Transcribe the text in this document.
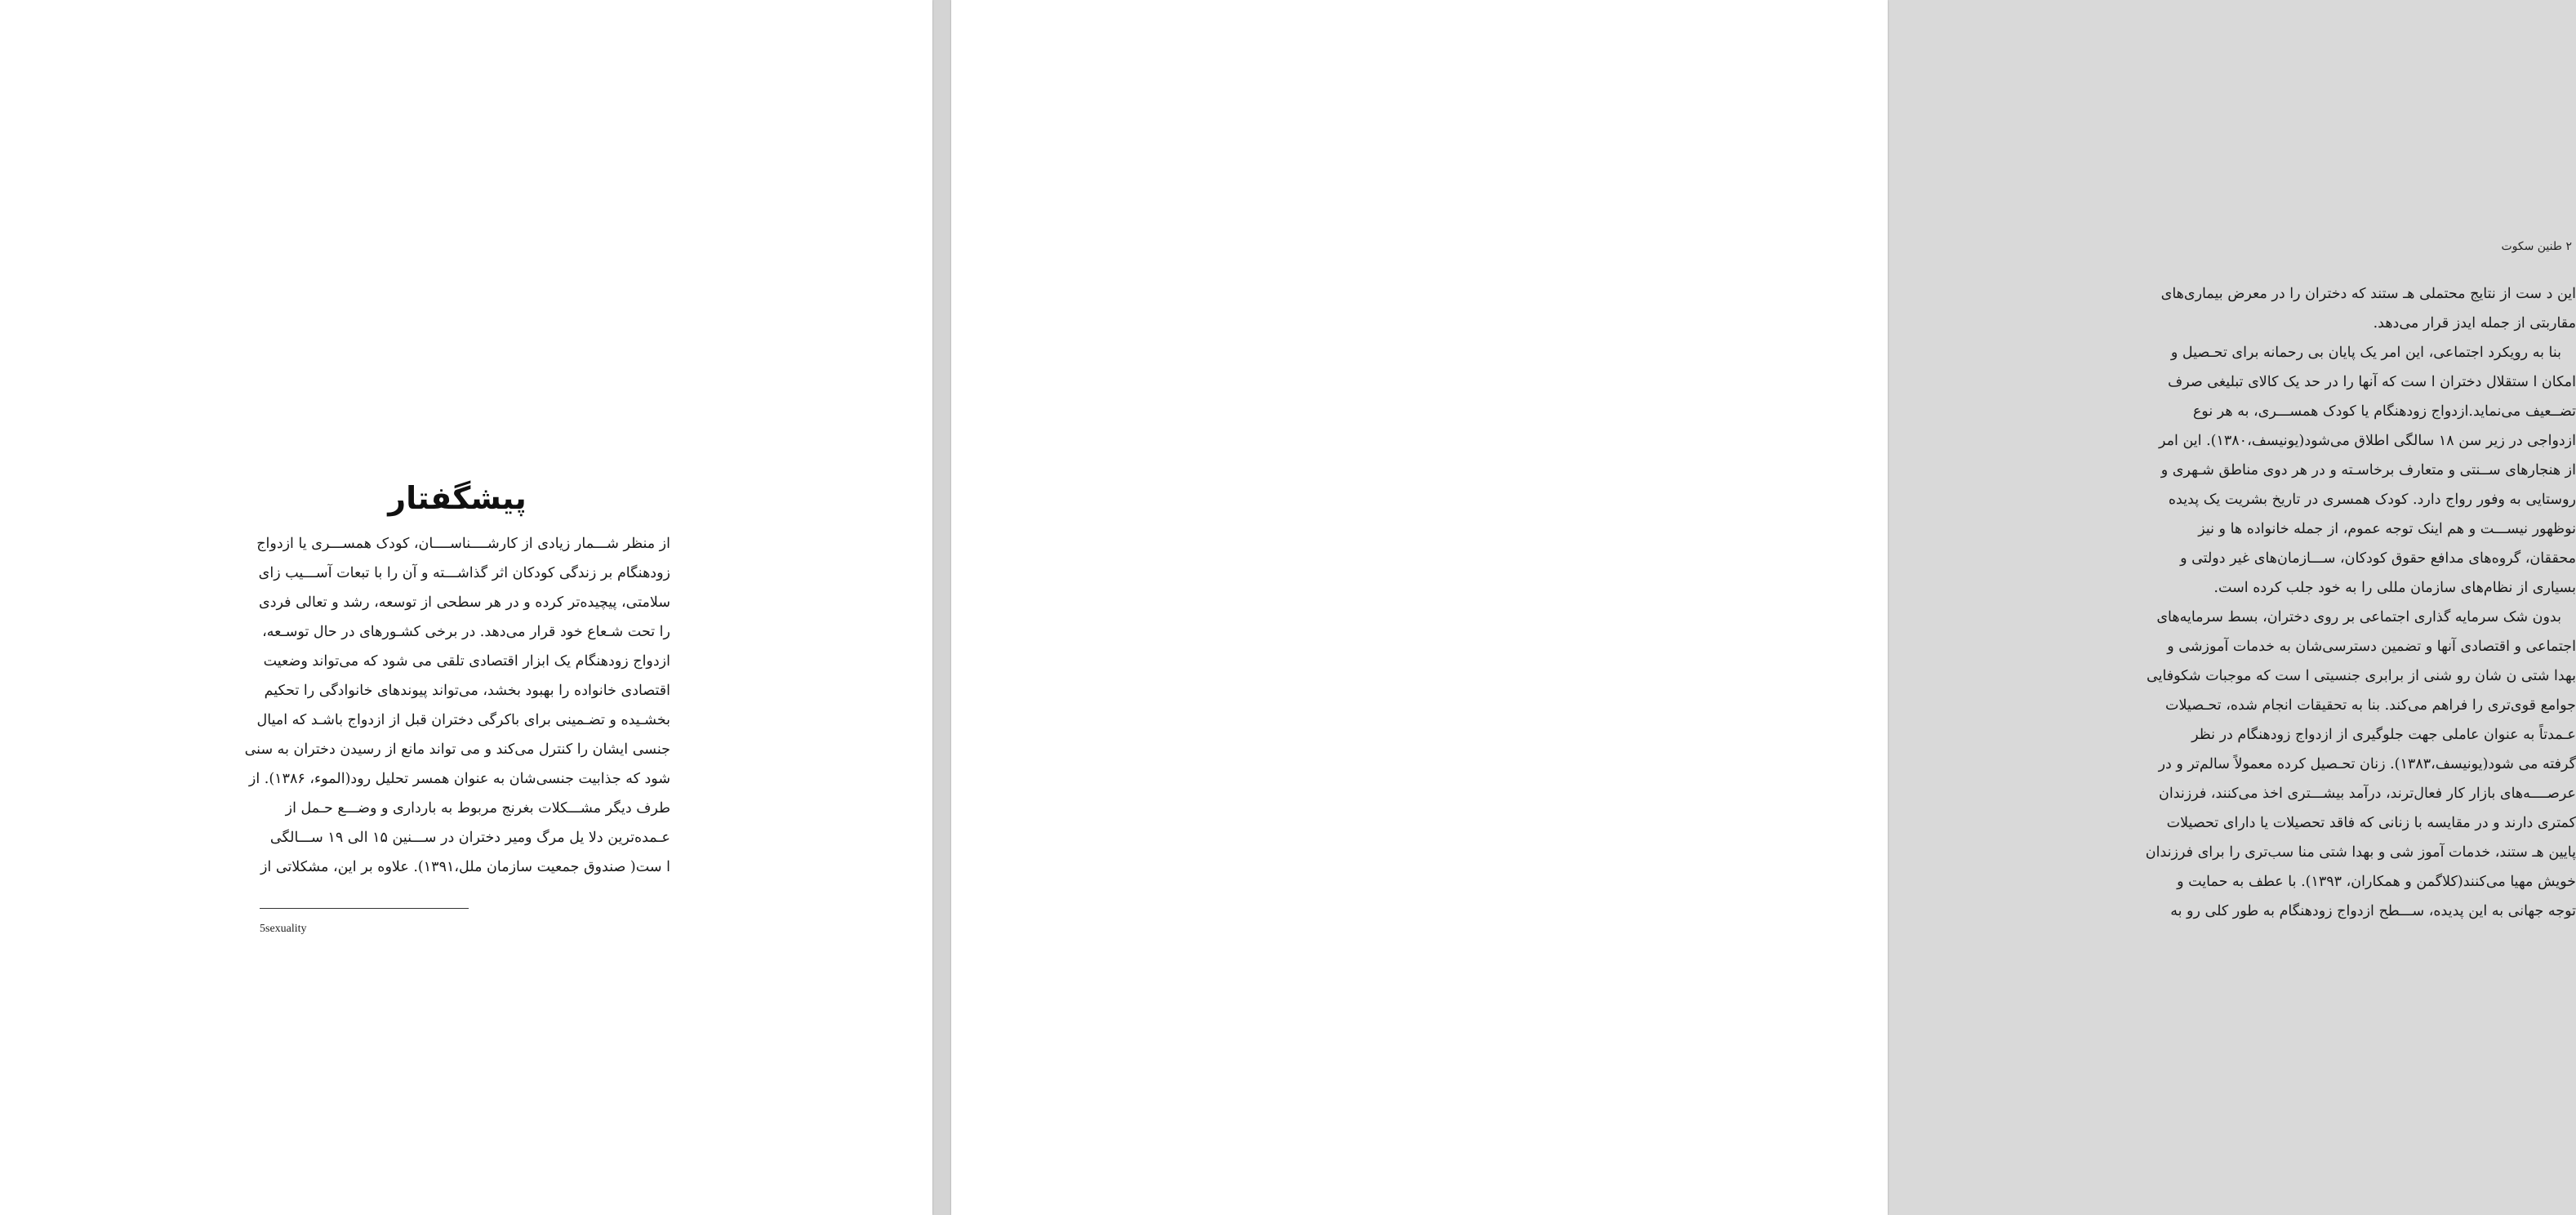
پیشگفتار
از منظر شـــمار زیادی از کارشــــناســــان، کودک همســـری یا ازدواج
زودهنگام بر زندگی کودکان اثر گذاشـــته و آن را با تبعات آســـیب زای
سلامتی، پیچیده‌تر کرده و در هر سطحی از توسعه، رشد و تعالی فردی
را تحت شـعاع خود قرار می‌دهد. در برخی کشـورهای در حال توسـعه،
ازدواج زودهنگام یک ابزار اقتصادی تلقی می شود که می‌تواند وضعیت
اقتصادی خانواده را بهبود بخشد، می‌تواند پیوندهای خانوادگی را تحکیم
بخشـیده و تضـمینی برای باکرگی دختران قبل از ازدواج باشـد که امیال
جنسی ایشان را کنترل می‌کند و می تواند مانع از رسیدن دختران به سنی
شود که جذابیت جنسی‌شان به عنوان همسر تحلیل رود(الموء، ۱۳۸۶). از
طرف دیگر مشـــکلات بغرنج مربوط به بارداری و وضـــع حـمل از
عـمده‌ترین دلا یل مرگ ومیر دختران در ســـنین ۱۵ الی ۱۹ ســـالگی
ا ست( صندوق جمعیت سازمان ملل،۱۳۹۱). علاوه بر این، مشکلاتی از
5sexuality
۲ طنین سکوت
این د ست از نتایج محتملی هـ ستند که دختران را در معرض بیماری‌های
مقاربتی از جمله ایدز قرار می‌دهد.
بنا به رویکرد اجتماعی، این امر یک پایان بی رحمانه برای تحـصیل و
امکان ا ستقلال دختران ا ست که آنها را در حد یک کالای تبلیغی صرف
تضــعیف می‌نماید.ازدواج زودهنگام یا کودک همســـری، به هر نوع
ازدواجی در زیر سن ۱۸ سالگی اطلاق می‌شود(یونیسف،۱۳۸۰). این امر
از هنجارهای ســنتی و متعارف برخاسـته و در هر دوی مناطق شـهری و
روستایی به وفور رواج دارد. کودک همسری در تاریخ بشریت یک پدیده
نوظهور نیســـت و هم اینک توجه عموم، از جمله خانواده ها و نیز
محققان، گروه‌های مدافع حقوق کودکان، ســـازمان‌های غیر دولتی و
بسیاری از نظام‌های سازمان مللی را به خود جلب کرده است.
بدون شک سرمایه گذاری اجتماعی بر روی دختران، بسط سرمایه‌های
اجتماعی و اقتصادی آنها و تضمین دسترسی‌شان به خدمات آموزشی و
بهدا شتی ن شان رو شنی از برابری جنسیتی ا ست که موجبات شکوفایی
جوامع قوی‌تری را فراهم می‌کند. بنا به تحقیقات انجام شده، تحـصیلات
عـمدتاً به عنوان عاملی جهت جلوگیری از ازدواج زودهنگام در نظر
گرفته می شود(یونیسف،۱۳۸۳). زنان تحـصیل کرده معمولاً سالم‌تر و در
عرصــــه‌های بازار کار فعال‌ترند، درآمد بیشـــتری اخذ می‌کنند، فرزندان
کمتری دارند و در مقایسه با زنانی که فاقد تحصیلات یا دارای تحصیلات
پایین هـ ستند، خدمات آموز شی و بهدا شتی منا سب‌تری را برای فرزندان
خویش مهیا می‌کنند(کلاگمن و همکاران، ۱۳۹۳). با عطف به حمایت و
توجه جهانی به این پدیده، ســـطح ازدواج زودهنگام به طور کلی رو به
